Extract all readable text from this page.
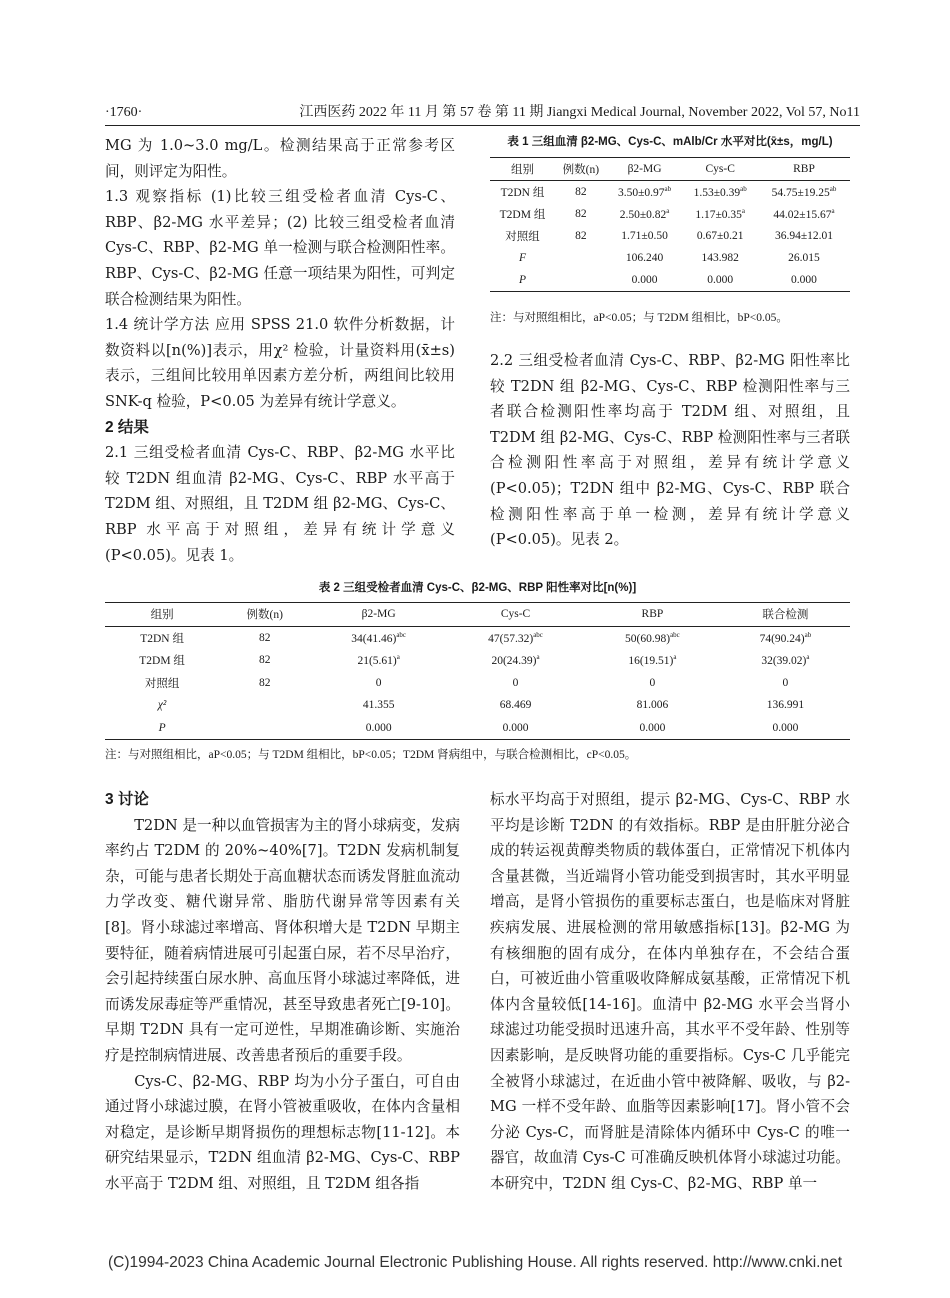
·1760·	江西医药 2022 年 11 月 第 57 卷 第 11 期 Jiangxi Medical Journal, November 2022, Vol 57, No11

MG 为 1.0~3.0 mg/L。检测结果高于正常参考区间，则评定为阳性。

1.3 观察指标 (1)比较三组受检者血清 Cys-C、RBP、β2-MG 水平差异；(2) 比较三组受检者血清 Cys-C、RBP、β2-MG 单一检测与联合检测阳性率。RBP、Cys-C、β2-MG 任意一项结果为阳性，可判定联合检测结果为阳性。

1.4 统计学方法 应用 SPSS 21.0 软件分析数据，计数资料以[n(%)]表示，用χ² 检验，计量资料用(x̄±s)表示，三组间比较用单因素方差分析，两组间比较用 SNK-q 检验，P<0.05 为差异有统计学意义。

2 结果

2.1 三组受检者血清 Cys-C、RBP、β2-MG 水平比较 T2DN 组血清 β2-MG、Cys-C、RBP 水平高于 T2DM 组、对照组，且 T2DM 组 β2-MG、Cys-C、RBP 水平高于对照组，差异有统计学意义 (P<0.05)。见表 1。

表 1 三组血清 β2-MG、Cys-C、mAlb/Cr 水平对比(x̄±s，mg/L)
组别	例数(n)	β2-MG	Cys-C	RBP
T2DN 组	82	3.50±0.97$^{ab}$	1.53±0.39$^{ab}$	54.75±19.25$^{ab}$
T2DM 组	82	2.50±0.82$^a$	1.17±0.35$^a$	44.02±15.67$^a$
对照组	82	1.71±0.50	0.67±0.21	36.94±12.01
F		106.240	143.982	26.015
P		0.000	0.000	0.000
注：与对照组相比，aP<0.05；与 T2DM 组相比，bP<0.05。

2.2 三组受检者血清 Cys-C、RBP、β2-MG 阳性率比较 T2DN 组 β2-MG、Cys-C、RBP 检测阳性率与三者联合检测阳性率均高于 T2DM 组、对照组，且 T2DM 组 β2-MG、Cys-C、RBP 检测阳性率与三者联合检测阳性率高于对照组，差异有统计学意义(P<0.05)；T2DN 组中 β2-MG、Cys-C、RBP 联合检测阳性率高于单一检测，差异有统计学意义(P<0.05)。见表 2。

表 2 三组受检者血清 Cys-C、β2-MG、RBP 阳性率对比[n(%)]
组别	例数(n)	β2-MG	Cys-C	RBP	联合检测
T2DN 组	82	$34(41.46)^{abc}$	$47(57.32)^{abc}$	$50(60.98)^{abc}$	$74(90.24)^{ab}$
T2DM 组	82	$21(5.61)^a$	$20(24.39)^a$	$16(19.51)^a$	$32(39.02)^a$
对照组	82	0	0	0	0
χ²		41.355	68.469	81.006	136.991
P		0.000	0.000	0.000	0.000
注：与对照组相比，aP<0.05；与 T2DM 组相比，bP<0.05；T2DM 肾病组中，与联合检测相比，cP<0.05。

3 讨论

T2DN 是一种以血管损害为主的肾小球病变，发病率约占 T2DM 的 20%~40%[7]。T2DN 发病机制复杂，可能与患者长期处于高血糖状态而诱发肾脏血流动力学改变、糖代谢异常、脂肪代谢异常等因素有关[8]。肾小球滤过率增高、肾体积增大是 T2DN 早期主要特征，随着病情进展可引起蛋白尿，若不尽早治疗，会引起持续蛋白尿水肿、高血压肾小球滤过率降低，进而诱发尿毒症等严重情况，甚至导致患者死亡[9-10]。早期 T2DN 具有一定可逆性，早期准确诊断、实施治疗是控制病情进展、改善患者预后的重要手段。

Cys-C、β2-MG、RBP 均为小分子蛋白，可自由通过肾小球滤过膜，在肾小管被重吸收，在体内含量相对稳定，是诊断早期肾损伤的理想标志物[11-12]。本研究结果显示，T2DN 组血清 β2-MG、Cys-C、RBP 水平高于 T2DM 组、对照组，且 T2DM 组各指

标水平均高于对照组，提示 β2-MG、Cys-C、RBP 水平均是诊断 T2DN 的有效指标。RBP 是由肝脏分泌合成的转运视黄醇类物质的载体蛋白，正常情况下机体内含量甚微，当近端肾小管功能受到损害时，其水平明显增高，是肾小管损伤的重要标志蛋白，也是临床对肾脏疾病发展、进展检测的常用敏感指标[13]。β2-MG 为有核细胞的固有成分，在体内单独存在，不会结合蛋白，可被近曲小管重吸收降解成氨基酸，正常情况下机体内含量较低[14-16]。血清中 β2-MG 水平会当肾小球滤过功能受损时迅速升高，其水平不受年龄、性别等因素影响，是反映肾功能的重要指标。Cys-C 几乎能完全被肾小球滤过，在近曲小管中被降解、吸收，与 β2-MG 一样不受年龄、血脂等因素影响[17]。肾小管不会分泌 Cys-C，而肾脏是清除体内循环中 Cys-C 的唯一器官，故血清 Cys-C 可准确反映机体肾小球滤过功能。本研究中，T2DN 组 Cys-C、β2-MG、RBP 单一

(C)1994-2023 China Academic Journal Electronic Publishing House. All rights reserved. http://www.cnki.net
